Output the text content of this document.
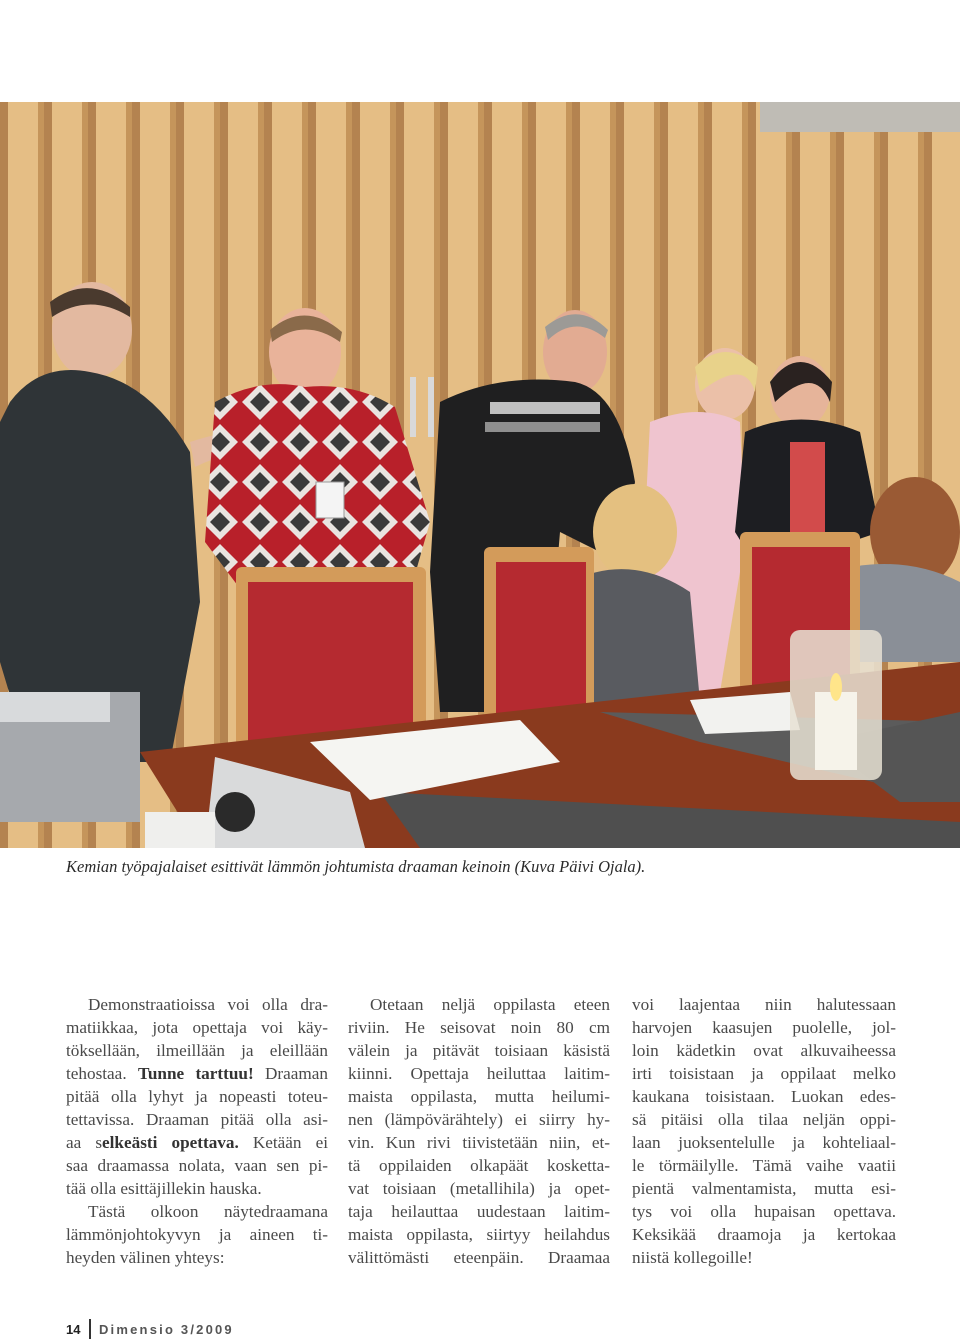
Kemian työpajalaiset esittivät lämmön johtumista draaman keinoin (Kuva Päivi Ojala).
Demonstraatioissa voi olla dra-
matiikkaa, jota opettaja voi käy-
töksellään, ilmeillään ja eleillään
tehostaa. Tunne tarttuu! Draaman
pitää olla lyhyt ja nopeasti toteu-
tettavissa. Draaman pitää olla asi-
aa selkeästi opettava. Ketään ei
saa draamassa nolata, vaan sen pi-
tää olla esittäjillekin hauska.
Tästä olkoon näytedraamana
lämmönjohtokyvyn ja aineen ti-
heyden välinen yhteys:
Otetaan neljä oppilasta eteen
riviin. He seisovat noin 80 cm
välein ja pitävät toisiaan käsistä
kiinni. Opettaja heiluttaa laitim-
maista oppilasta, mutta heilumi-
nen (lämpövärähtely) ei siirry hy-
vin. Kun rivi tiivistetään niin, et-
tä oppilaiden olkapäät kosketta-
vat toisiaan (metallihila) ja opet-
taja heilauttaa uudestaan laitim-
maista oppilasta, siirtyy heilahdus
välittömästi eteenpäin. Draamaa
voi laajentaa niin halutessaan
harvojen kaasujen puolelle, jol-
loin kädetkin ovat alkuvaiheessa
irti toisistaan ja oppilaat melko
kaukana toisistaan. Luokan edes-
sä pitäisi olla tilaa neljän oppi-
laan juoksentelulle ja kohteliaal-
le törmäilylle. Tämä vaihe vaatii
pientä valmentamista, mutta esi-
tys voi olla hupaisan opettava.
Keksikää draamoja ja kertokaa
niistä kollegoille!
14 Dimensio 3/2009
